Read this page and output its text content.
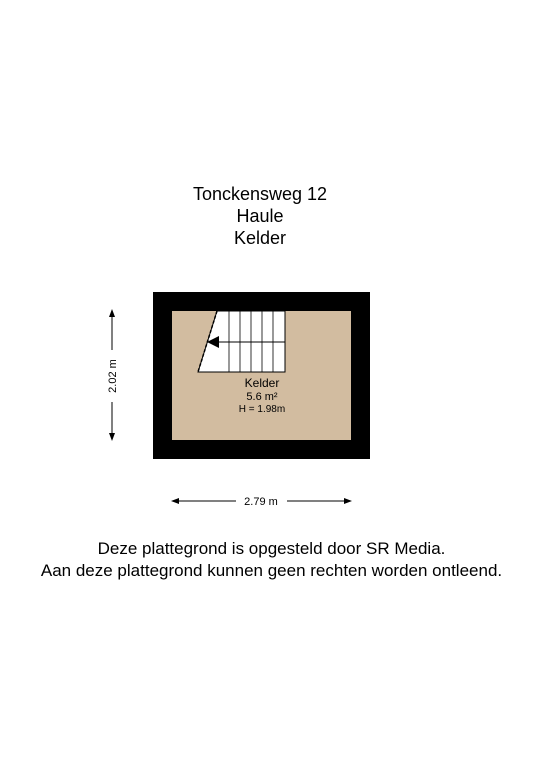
Tonckensweg 12
Haule
Kelder
Kelder
5.6 m²
H = 1.98m
2.02 m
2.79 m
Deze plattegrond is opgesteld door SR Media.
Aan deze plattegrond kunnen geen rechten worden ontleend.
